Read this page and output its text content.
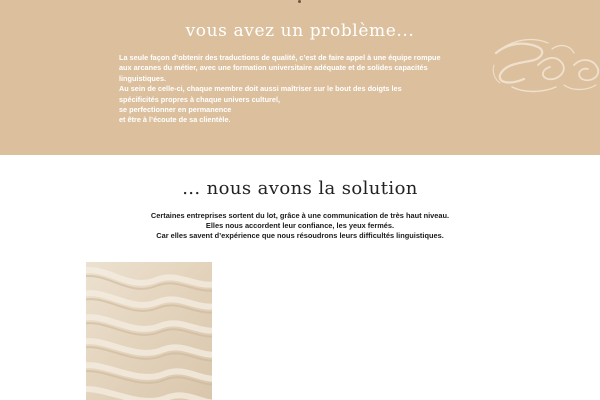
vous avez un problème...

La seule façon d’obtenir des traductions de qualité, c’est de faire appel à une équipe rompue
aux arcanes du métier, avec une formation universitaire adéquate et de solides capacités
linguistiques.
Au sein de celle-ci, chaque membre doit aussi maîtriser sur le bout des doigts les
spécificités propres à chaque univers culturel,
se perfectionner en permanence
et être à l’écoute de sa clientèle.

... nous avons la solution

Certaines entreprises sortent du lot, grâce à une communication de très haut niveau.
Elles nous accordent leur confiance, les yeux fermés.
Car elles savent d’expérience que nous résoudrons leurs difficultés linguistiques.
